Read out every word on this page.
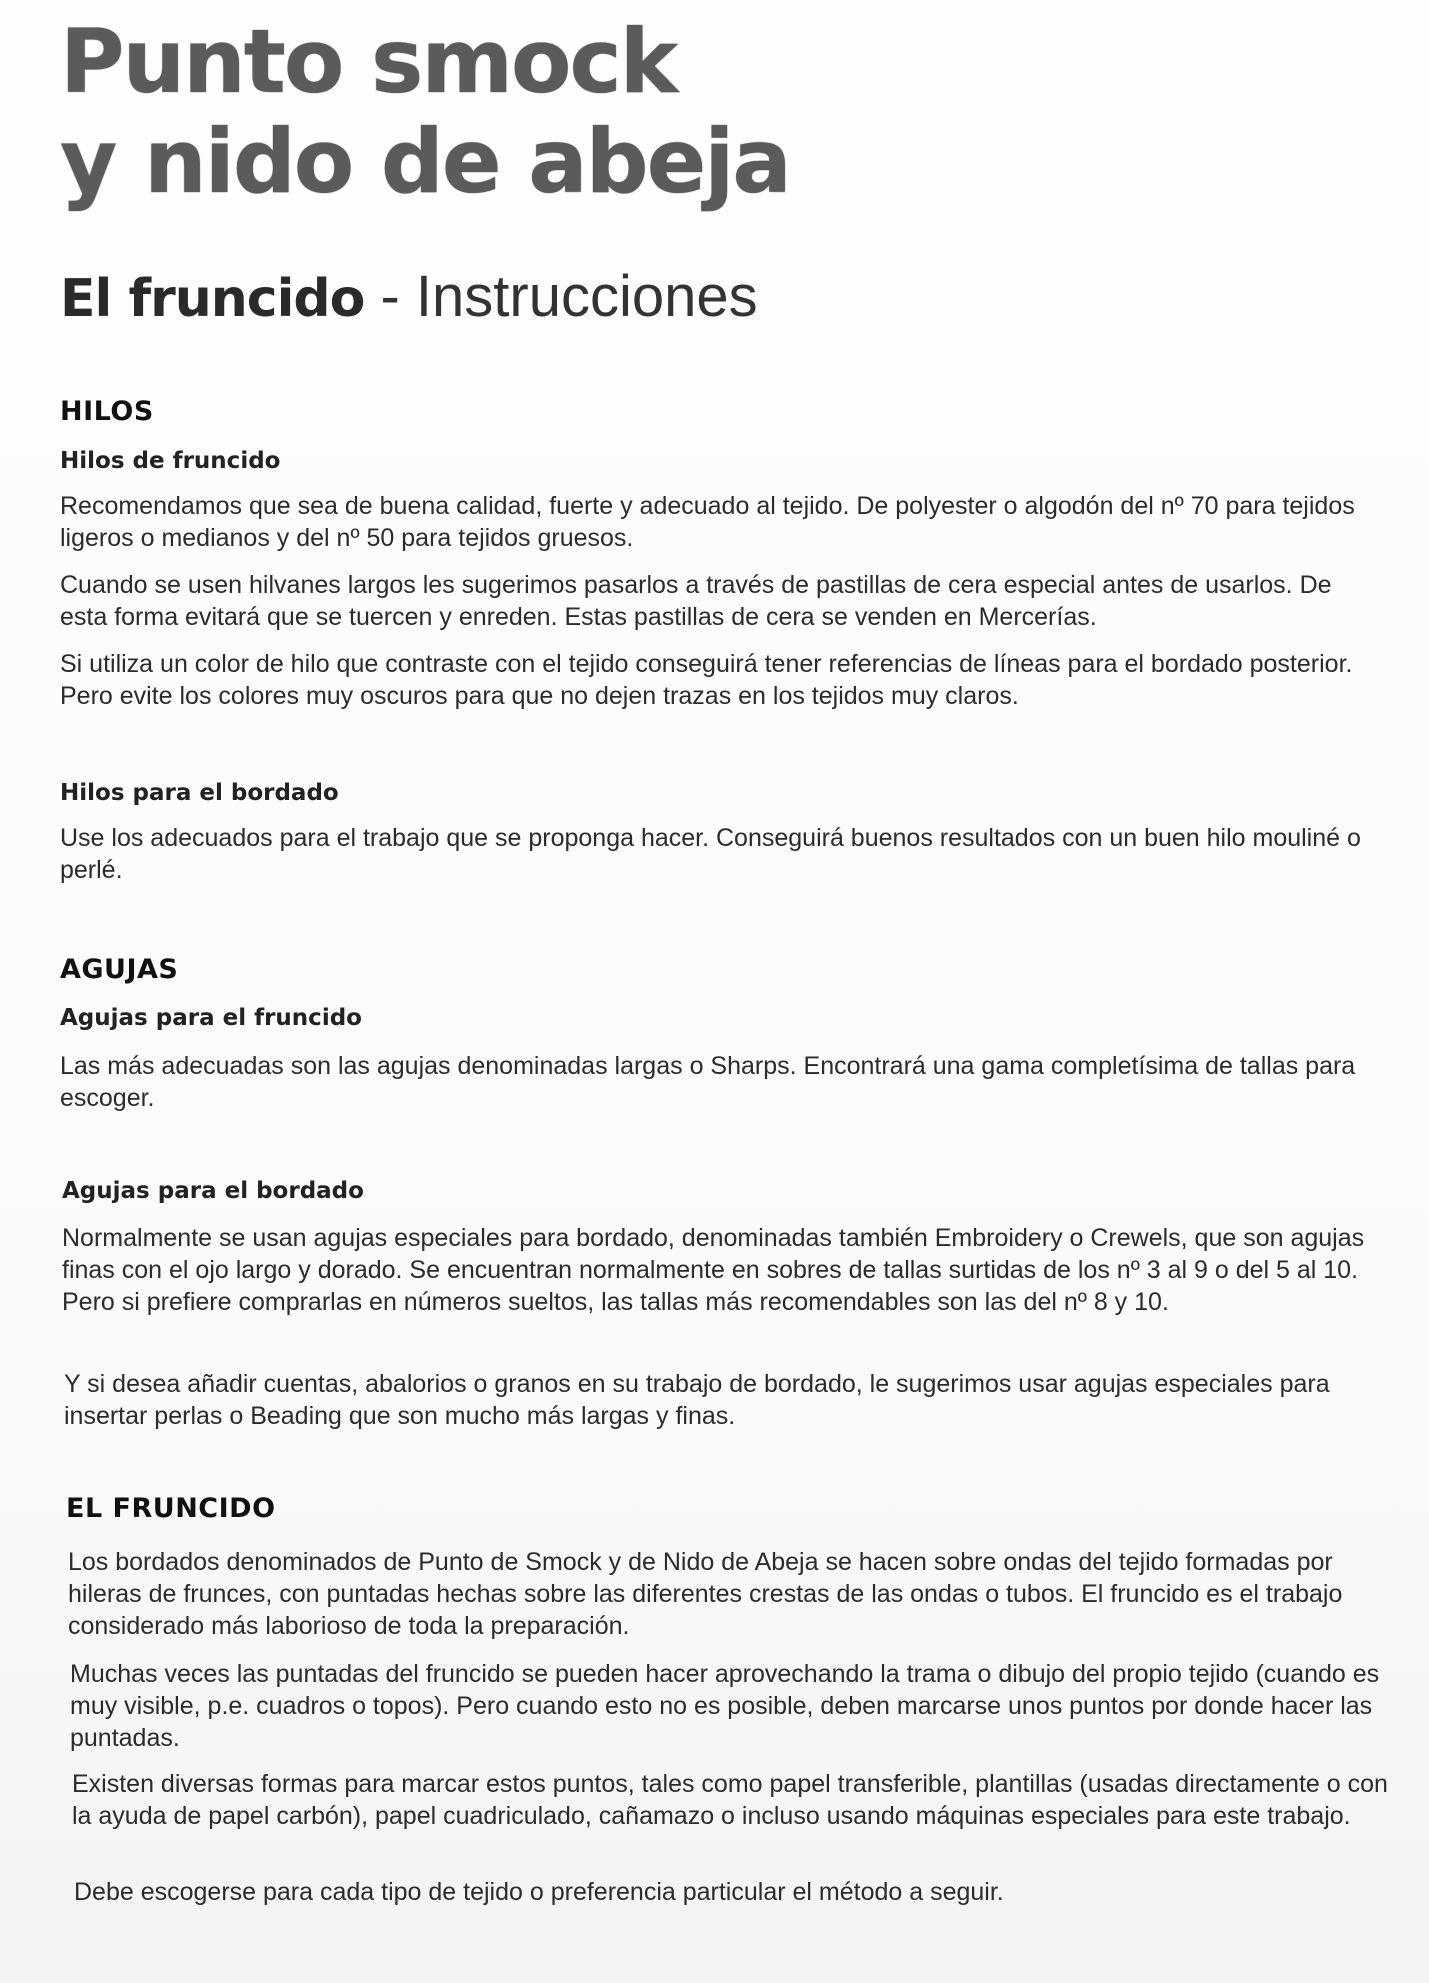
Punto smock
y nido de abeja
El fruncido - Instrucciones
HILOS
Hilos de fruncido

Recomendamos que sea de buena calidad, fuerte y adecuado al tejido. De polyester o algodón del nº 70 para tejidos ligeros o medianos y del nº 50 para tejidos gruesos.

Cuando se usen hilvanes largos les sugerimos pasarlos a través de pastillas de cera especial antes de usarlos. De esta forma evitará que se tuercen y enreden. Estas pastillas de cera se venden en Mercerías.

Si utiliza un color de hilo que contraste con el tejido conseguirá tener referencias de líneas para el bordado posterior. Pero evite los colores muy oscuros para que no dejen trazas en los tejidos muy claros.

Hilos para el bordado

Use los adecuados para el trabajo que se proponga hacer. Conseguirá buenos resultados con un buen hilo mouliné o perlé.

AGUJAS
Agujas para el fruncido

Las más adecuadas son las agujas denominadas largas o Sharps. Encontrará una gama completísima de tallas para escoger.

Agujas para el bordado

Normalmente se usan agujas especiales para bordado, denominadas también Embroidery o Crewels, que son agujas finas con el ojo largo y dorado. Se encuentran normalmente en sobres de tallas surtidas de los nº 3 al 9 o del 5 al 10. Pero si prefiere comprarlas en números sueltos, las tallas más recomendables son las del nº 8 y 10.

Y si desea añadir cuentas, abalorios o granos en su trabajo de bordado, le sugerimos usar agujas especiales para insertar perlas o Beading que son mucho más largas y finas.

EL FRUNCIDO

Los bordados denominados de Punto de Smock y de Nido de Abeja se hacen sobre ondas del tejido formadas por hileras de frunces, con puntadas hechas sobre las diferentes crestas de las ondas o tubos. El fruncido es el trabajo considerado más laborioso de toda la preparación.

Muchas veces las puntadas del fruncido se pueden hacer aprovechando la trama o dibujo del propio tejido (cuando es muy visible, p.e. cuadros o topos). Pero cuando esto no es posible, deben marcarse unos puntos por donde hacer las puntadas.

Existen diversas formas para marcar estos puntos, tales como papel transferible, plantillas (usadas directamente o con la ayuda de papel carbón), papel cuadriculado, cañamazo o incluso usando máquinas especiales para este trabajo.

Debe escogerse para cada tipo de tejido o preferencia particular el método a seguir.
